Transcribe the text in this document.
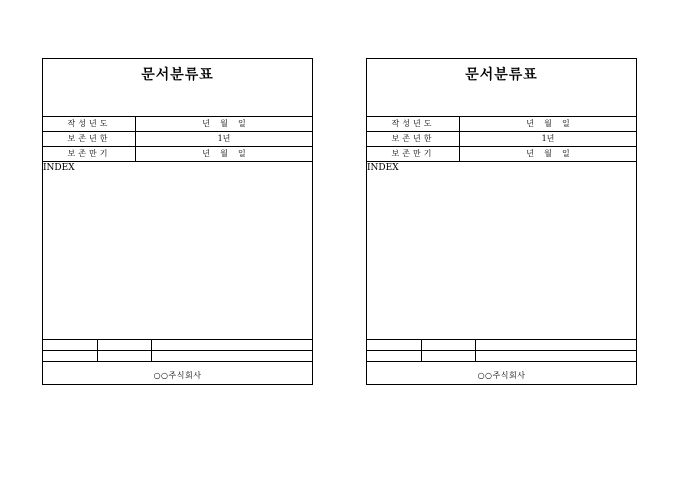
문서분류표
작성년도	년    월    일
보존년한	1년
보존만기	년    월    일
INDEX
○○주식회사
문서분류표
작성년도	년    월    일
보존년한	1년
보존만기	년    월    일
INDEX
○○주식회사
